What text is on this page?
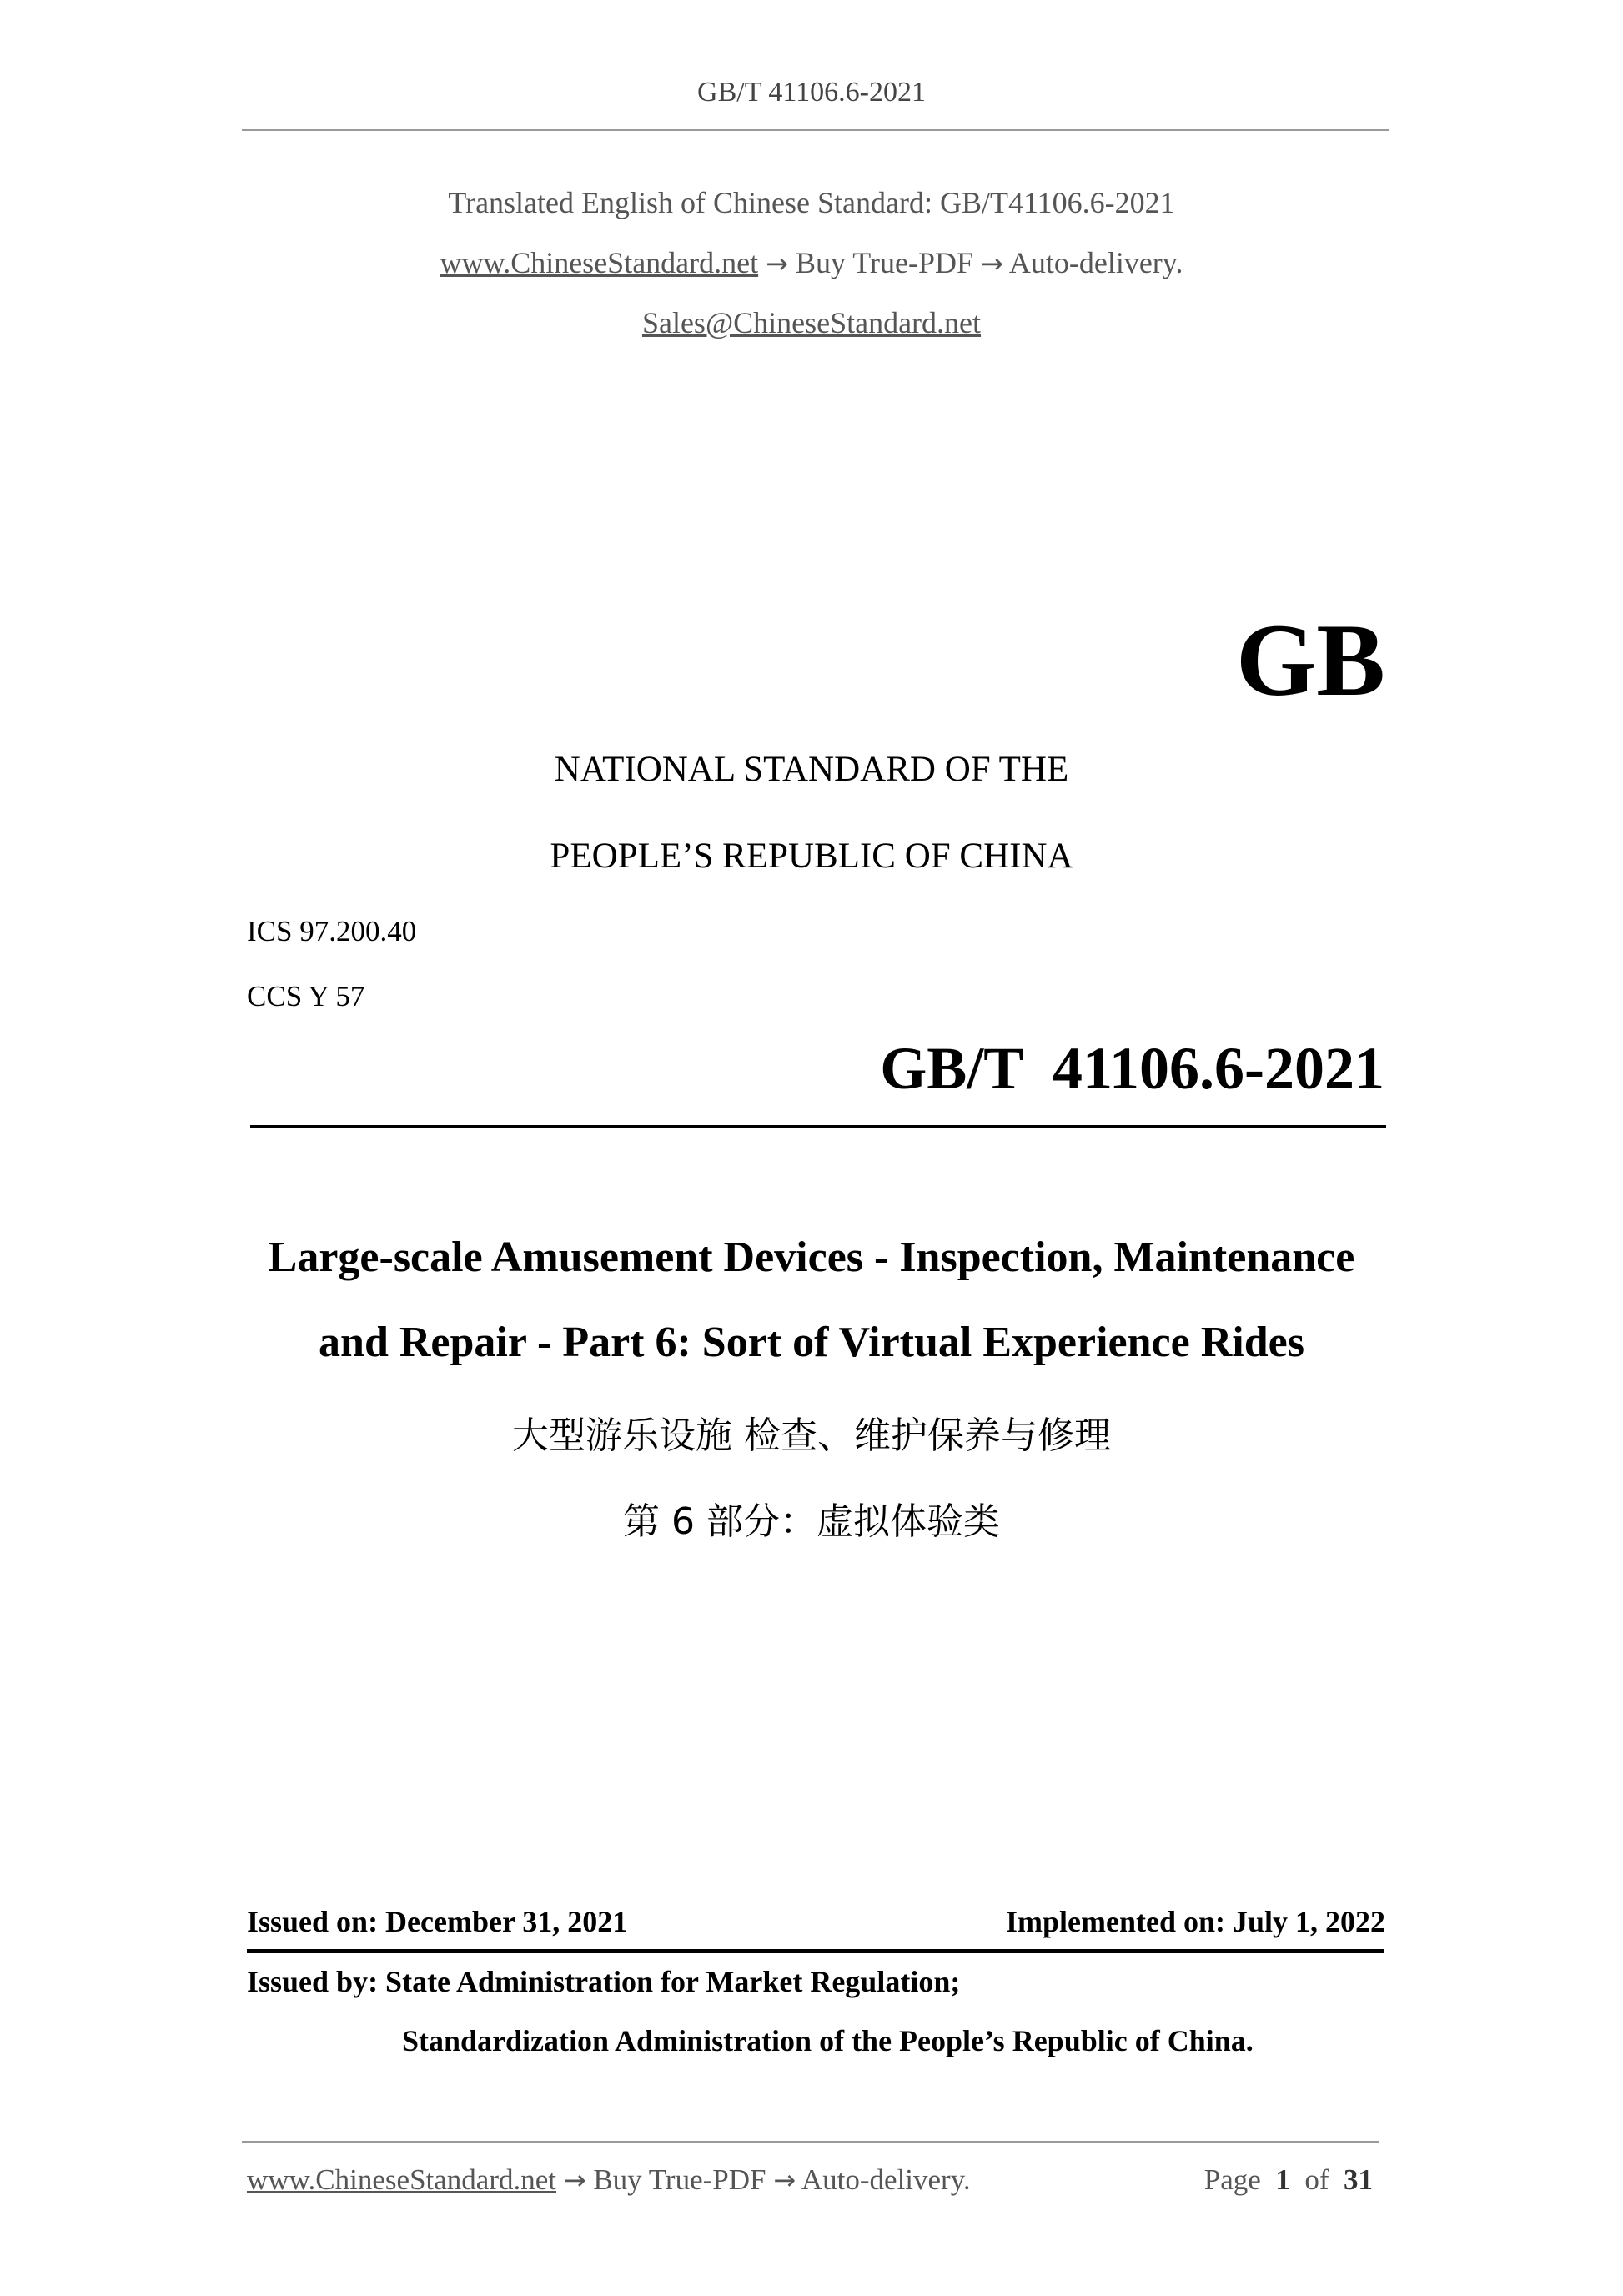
GB/T 41106.6-2021
Translated English of Chinese Standard: GB/T41106.6-2021
www.ChineseStandard.net → Buy True-PDF → Auto-delivery.
Sales@ChineseStandard.net
GB
NATIONAL STANDARD OF THE
PEOPLE’S REPUBLIC OF CHINA
ICS 97.200.40
CCS Y 57
GB/T  41106.6-2021
Large-scale Amusement Devices - Inspection, Maintenance
and Repair - Part 6: Sort of Virtual Experience Rides
大型游乐设施 检查、维护保养与修理
第 6 部分：虚拟体验类
Issued on: December 31, 2021	Implemented on: July 1, 2022
Issued by: State Administration for Market Regulation;
Standardization Administration of the People’s Republic of China.
www.ChineseStandard.net → Buy True-PDF → Auto-delivery.	Page 1 of 31
